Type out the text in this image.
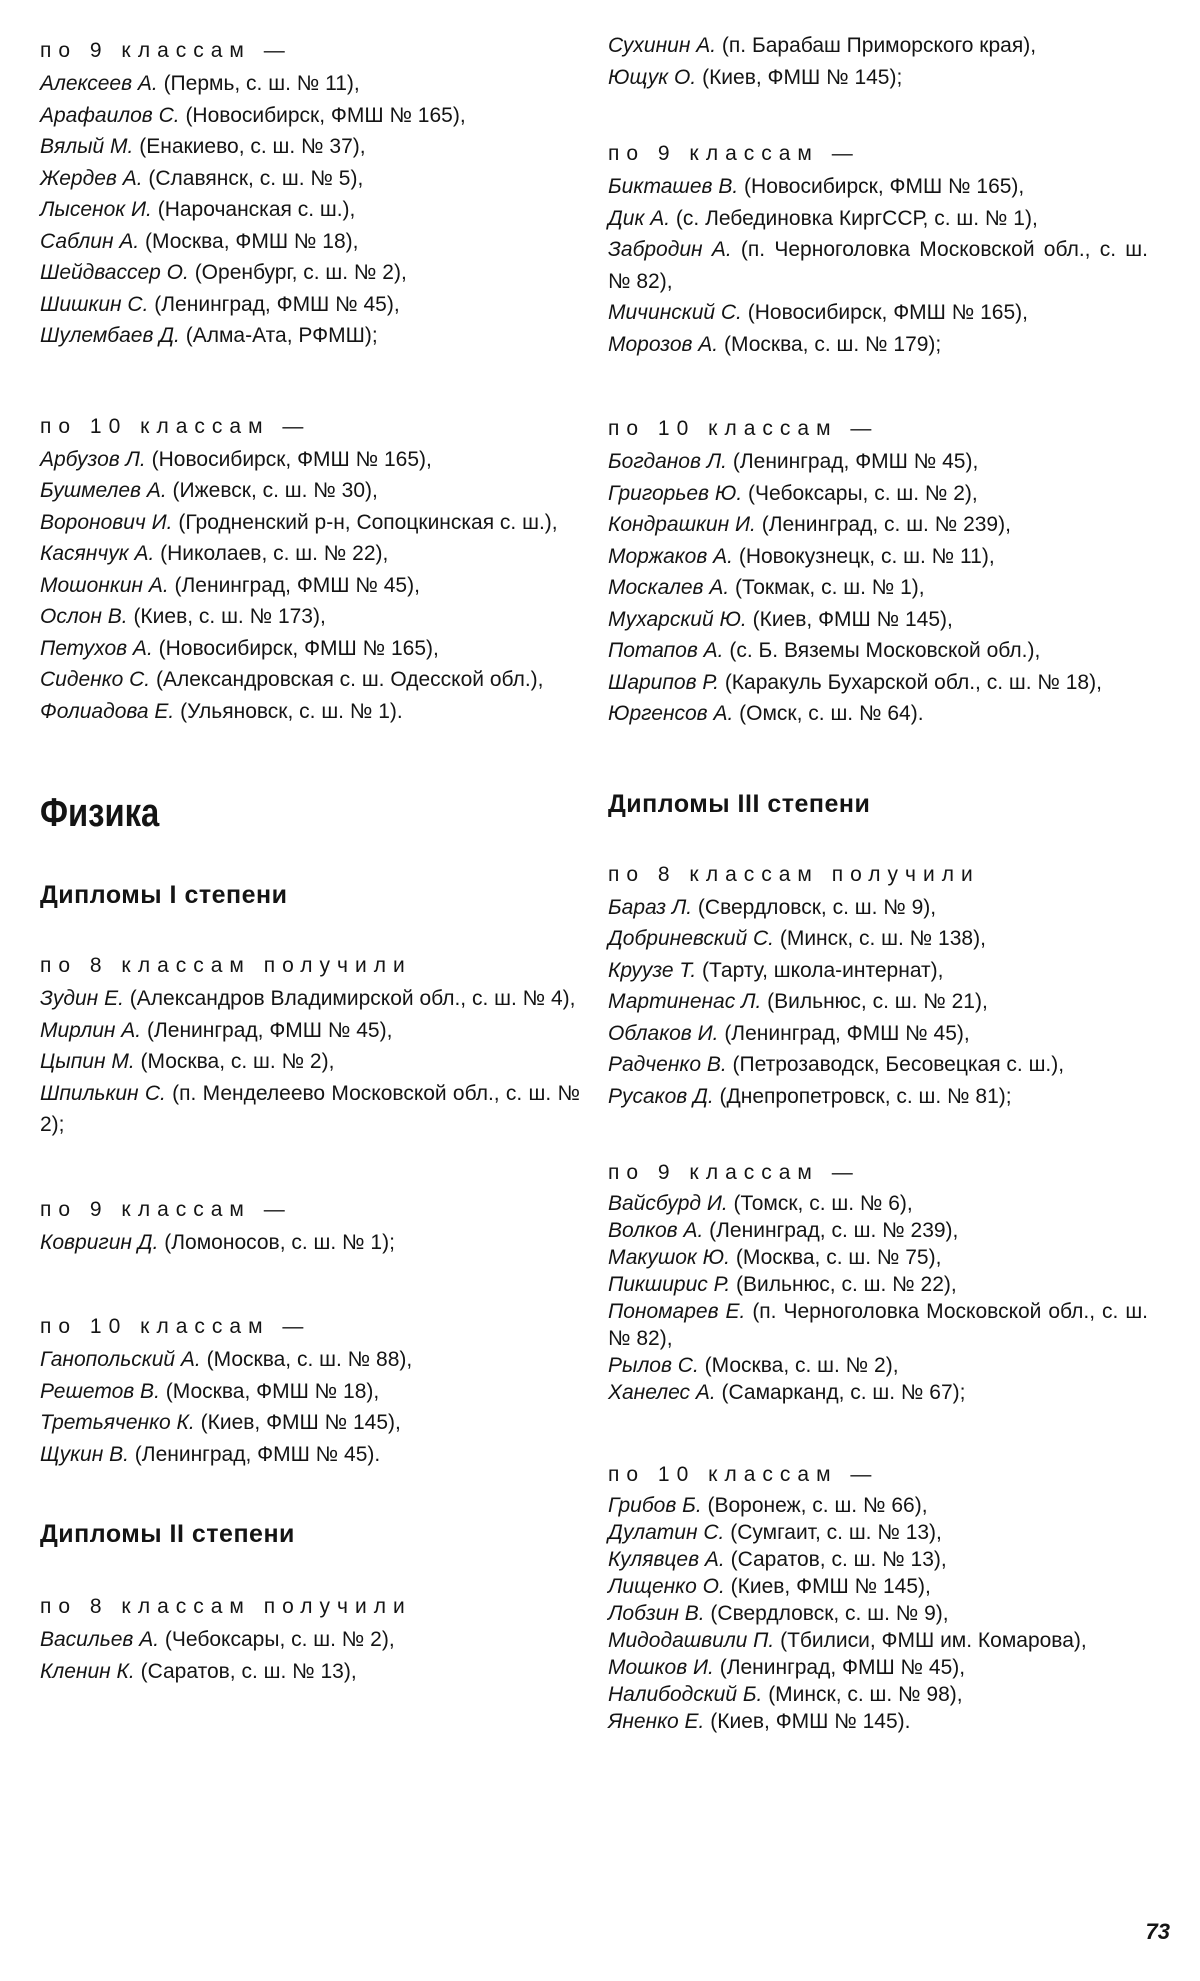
по 9 классам —

Алексеев А. (Пермь, с. ш. № 11),
Арафаилов С. (Новосибирск, ФМШ № 165),
Вялый М. (Енакиево, с. ш. № 37),
Жердев А. (Славянск, с. ш. № 5),
Лысенок И. (Нарочанская с. ш.),
Саблин А. (Москва, ФМШ № 18),
Шейдвассер О. (Оренбург, с. ш. № 2),
Шишкин С. (Ленинград, ФМШ № 45),
Шулембаев Д. (Алма-Ата, РФМШ);

по 10 классам —

Арбузов Л. (Новосибирск, ФМШ № 165),
Бушмелев А. (Ижевск, с. ш. № 30),
Воронович И. (Гродненский р-н, Сопоцкинская с. ш.),
Касянчук А. (Николаев, с. ш. № 22),
Мошонкин А. (Ленинград, ФМШ № 45),
Ослон В. (Киев, с. ш. № 173),
Петухов А. (Новосибирск, ФМШ № 165),
Сиденко С. (Александровская с. ш. Одесской обл.),
Фолиадова Е. (Ульяновск, с. ш. № 1).
Физика
Дипломы I степени

по 8 классам получили

Зудин Е. (Александров Владимирской обл., с. ш. № 4),
Мирлин А. (Ленинград, ФМШ № 45),
Цыпин М. (Москва, с. ш. № 2),
Шпилькин С. (п. Менделеево Московской обл., с. ш. № 2);

по 9 классам —

Ковригин Д. (Ломоносов, с. ш. № 1);

по 10 классам —

Ганопольский А. (Москва, с. ш. № 88),
Решетов В. (Москва, ФМШ № 18),
Третьяченко К. (Киев, ФМШ № 145),
Щукин В. (Ленинград, ФМШ № 45).
Дипломы II степени

по 8 классам получили

Васильев А. (Чебоксары, с. ш. № 2),
Кленин К. (Саратов, с. ш. № 13),
Сухинин А. (п. Барабаш Приморского края),
Ющук О. (Киев, ФМШ № 145);

по 9 классам —

Бикташев В. (Новосибирск, ФМШ № 165),
Дик А. (с. Лебединовка КиргССР, с. ш. № 1),
Забродин А. (п. Черноголовка Московской обл., с. ш. № 82),
Мичинский С. (Новосибирск, ФМШ № 165),
Морозов А. (Москва, с. ш. № 179);

по 10 классам —

Богданов Л. (Ленинград, ФМШ № 45),
Григорьев Ю. (Чебоксары, с. ш. № 2),
Кондрашкин И. (Ленинград, с. ш. № 239),
Моржаков А. (Новокузнецк, с. ш. № 11),
Москалев А. (Токмак, с. ш. № 1),
Мухарский Ю. (Киев, ФМШ № 145),
Потапов А. (с. Б. Вяземы Московской обл.),
Шарипов Р. (Каракуль Бухарской обл., с. ш. № 18),
Юргенсов А. (Омск, с. ш. № 64).
Дипломы III степени

по 8 классам получили

Бараз Л. (Свердловск, с. ш. № 9),
Добриневский С. (Минск, с. ш. № 138),
Круузе Т. (Тарту, школа-интернат),
Мартиненас Л. (Вильнюс, с. ш. № 21),
Облаков И. (Ленинград, ФМШ № 45),
Радченко В. (Петрозаводск, Бесовецкая с. ш.),
Русаков Д. (Днепропетровск, с. ш. № 81);

по 9 классам —

Вайсбурд И. (Томск, с. ш. № 6),
Волков А. (Ленинград, с. ш. № 239),
Макушок Ю. (Москва, с. ш. № 75),
Пикширис Р. (Вильнюс, с. ш. № 22),
Пономарев Е. (п. Черноголовка Московской обл., с. ш. № 82),
Рылов С. (Москва, с. ш. № 2),
Ханелес А. (Самарканд, с. ш. № 67);

по 10 классам —

Грибов Б. (Воронеж, с. ш. № 66),
Дулатин С. (Сумгаит, с. ш. № 13),
Кулявцев А. (Саратов, с. ш. № 13),
Лищенко О. (Киев, ФМШ № 145),
Лобзин В. (Свердловск, с. ш. № 9),
Мидодашвили П. (Тбилиси, ФМШ им. Комарова),
Мошков И. (Ленинград, ФМШ № 45),
Налибодский Б. (Минск, с. ш. № 98),
Яненко Е. (Киев, ФМШ № 145).
73
